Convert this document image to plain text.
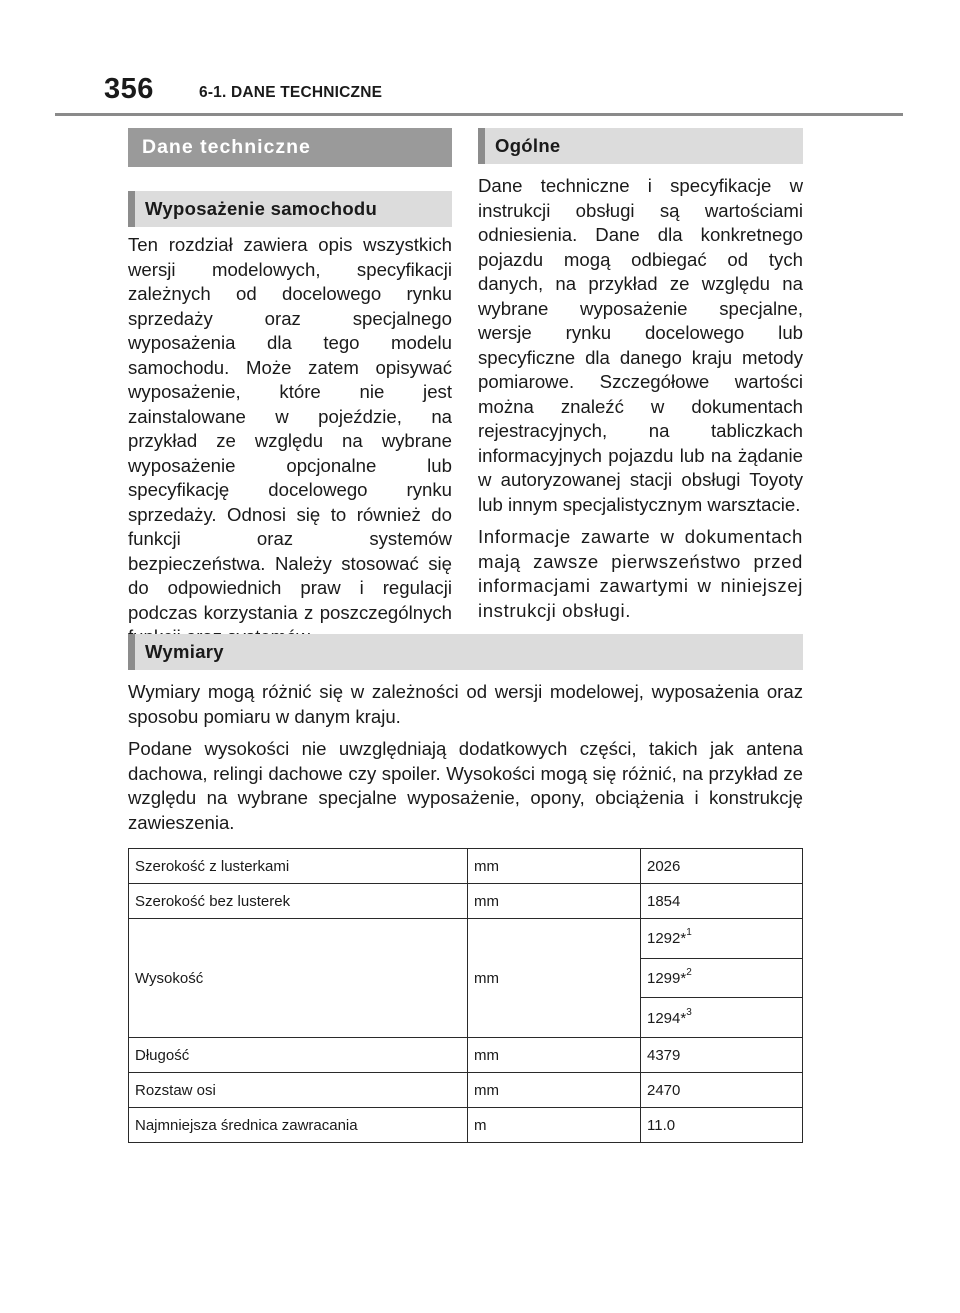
356	6-1. DANE TECHNICZNE
Dane techniczne
Wyposażenie samochodu

Ten rozdział zawiera opis wszystkich wersji modelowych, specyfikacji zależnych od docelowego rynku sprzedaży oraz specjalnego wyposażenia dla tego modelu samochodu. Może zatem opisywać wyposażenie, które nie jest zainstalowane w pojeździe, na przykład ze względu na wybrane wyposażenie opcjonalne lub specyfikację docelowego rynku sprzedaży. Odnosi się to również do funkcji oraz systemów bezpieczeństwa. Należy stosować się do odpowiednich praw i regulacji podczas korzystania z poszczególnych

Ogólne

Dane techniczne i specyfikacje w instrukcji obsługi są wartościami odniesienia. Dane dla konkretnego pojazdu mogą odbiegać od tych danych, na przykład ze względu na wybrane wyposażenie specjalne, wersje rynku docelowego lub specyficzne dla danego kraju metody pomiarowe. Szczegółowe wartości można znaleźć w dokumentach rejestracyjnych, na tabliczkach informacyjnych pojazdu lub na żądanie w autoryzowanej stacji obsługi Toyoty lub innym specjalistycznym warsztacie.

Informacje zawarte w dokumentach mają zawsze pierwszeństwo przed informacjami zawartymi w niniejszej instrukcji obsługi.

Wymiary

Wymiary mogą różnić się w zależności od wersji modelowej, wyposażenia oraz sposobu pomiaru w danym kraju.

Podane wysokości nie uwzględniają dodatkowych części, takich jak antena dachowa, relingi dachowe czy spoiler. Wysokości mogą się różnić, na przykład ze względu na wybrane specjalne wyposażenie, opony, obciążenia i konstrukcję zawieszenia.

Szerokość z lusterkami	mm	2026
Szerokość bez lusterek	mm	1854
Wysokość	mm	1292*$^1$
		1299*$^2$
		1294*$^3$
Długość	mm	4379
Rozstaw osi	mm	2470
Najmniejsza średnica zawracania	m	11.0
